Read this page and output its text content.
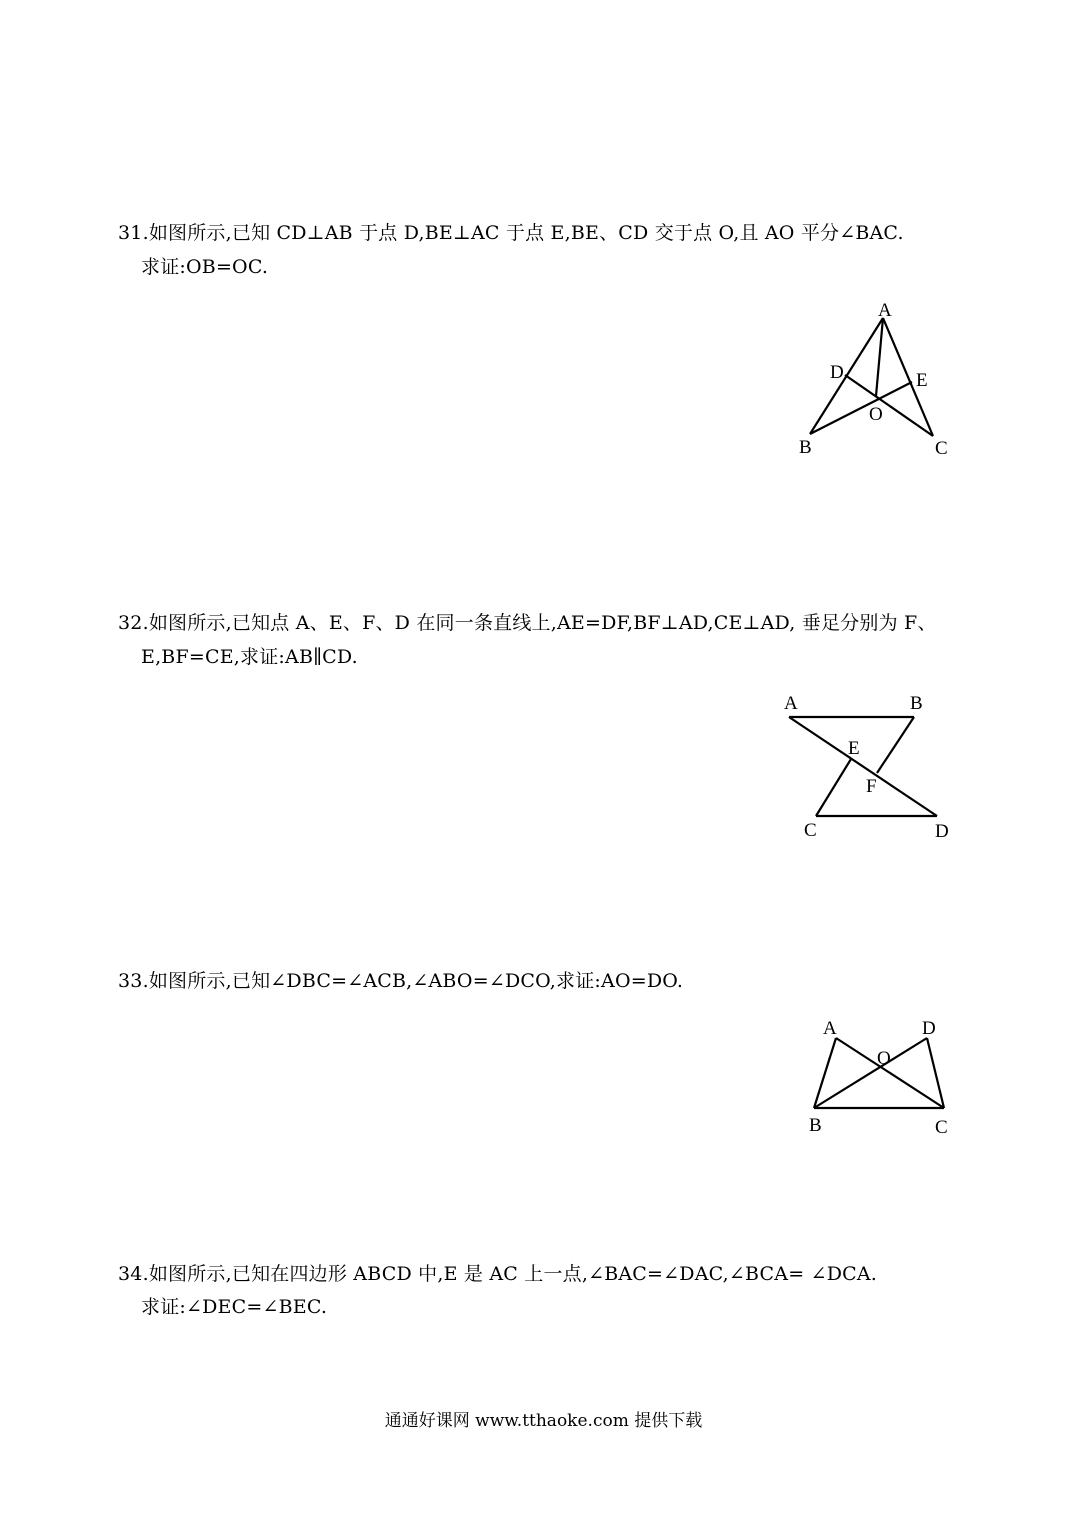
31.如图所示,已知 CD⊥AB 于点 D,BE⊥AC 于点 E,BE、CD 交于点 O,且 AO 平分∠BAC.
求证:OB=OC.
A
D	E
O
B	C
32.如图所示,已知点 A、E、F、D 在同一条直线上,AE=DF,BF⊥AD,CE⊥AD, 垂足分别为 F、
E,BF=CE,求证:AB∥CD.
A	B
E
F
C	D
33.如图所示,已知∠DBC=∠ACB,∠ABO=∠DCO,求证:AO=DO.
A	D
O
B	C
34.如图所示,已知在四边形 ABCD 中,E 是 AC 上一点,∠BAC=∠DAC,∠BCA= ∠DCA.
求证:∠DEC=∠BEC.
通通好课网 www.tthaoke.com 提供下载
